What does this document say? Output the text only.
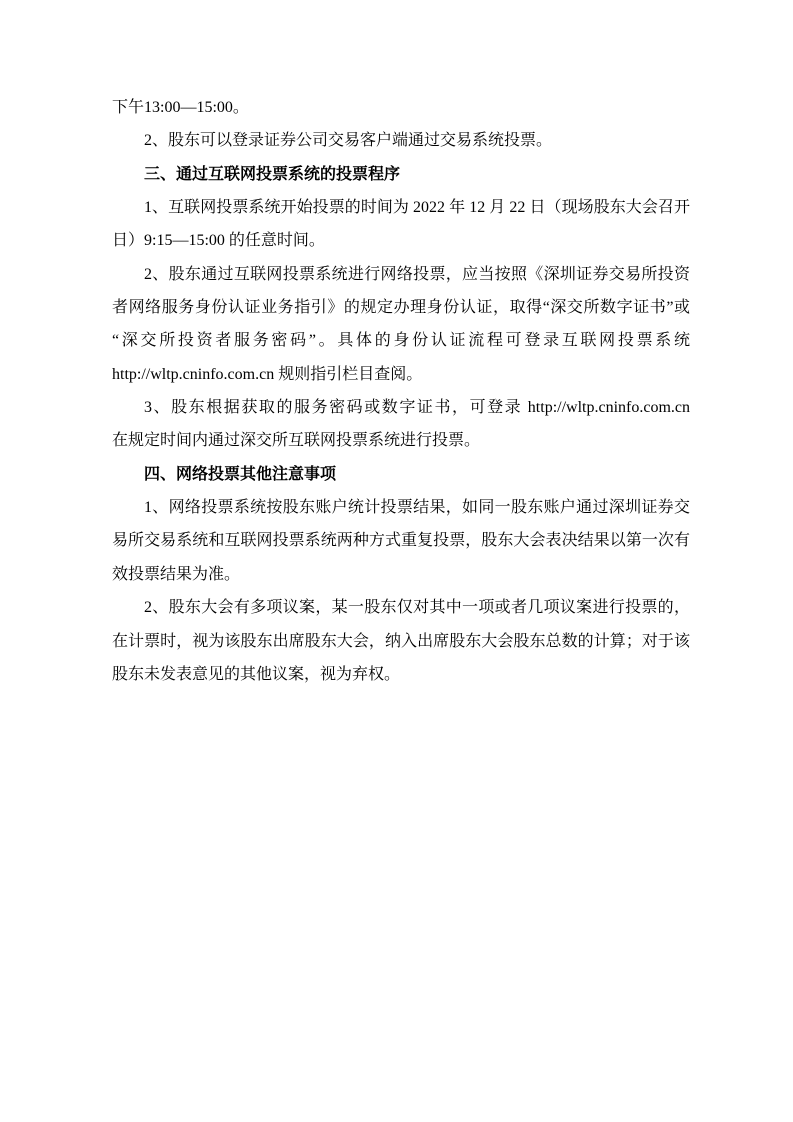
下午13:00—15:00。
2、股东可以登录证券公司交易客户端通过交易系统投票。
三、通过互联网投票系统的投票程序
1、互联网投票系统开始投票的时间为 2022 年 12 月 22 日（现场股东大会召开
日）9:15—15:00 的任意时间。
2、股东通过互联网投票系统进行网络投票，应当按照《深圳证券交易所投资
者网络服务身份认证业务指引》的规定办理身份认证，取得“深交所数字证书”或
“深交所投资者服务密码”。具体的身份认证流程可登录互联网投票系统
http://wltp.cninfo.com.cn 规则指引栏目查阅。
3、股东根据获取的服务密码或数字证书，可登录 http://wltp.cninfo.com.cn
在规定时间内通过深交所互联网投票系统进行投票。
四、网络投票其他注意事项
1、网络投票系统按股东账户统计投票结果，如同一股东账户通过深圳证券交
易所交易系统和互联网投票系统两种方式重复投票，股东大会表决结果以第一次有
效投票结果为准。
2、股东大会有多项议案，某一股东仅对其中一项或者几项议案进行投票的，
在计票时，视为该股东出席股东大会，纳入出席股东大会股东总数的计算；对于该
股东未发表意见的其他议案，视为弃权。
